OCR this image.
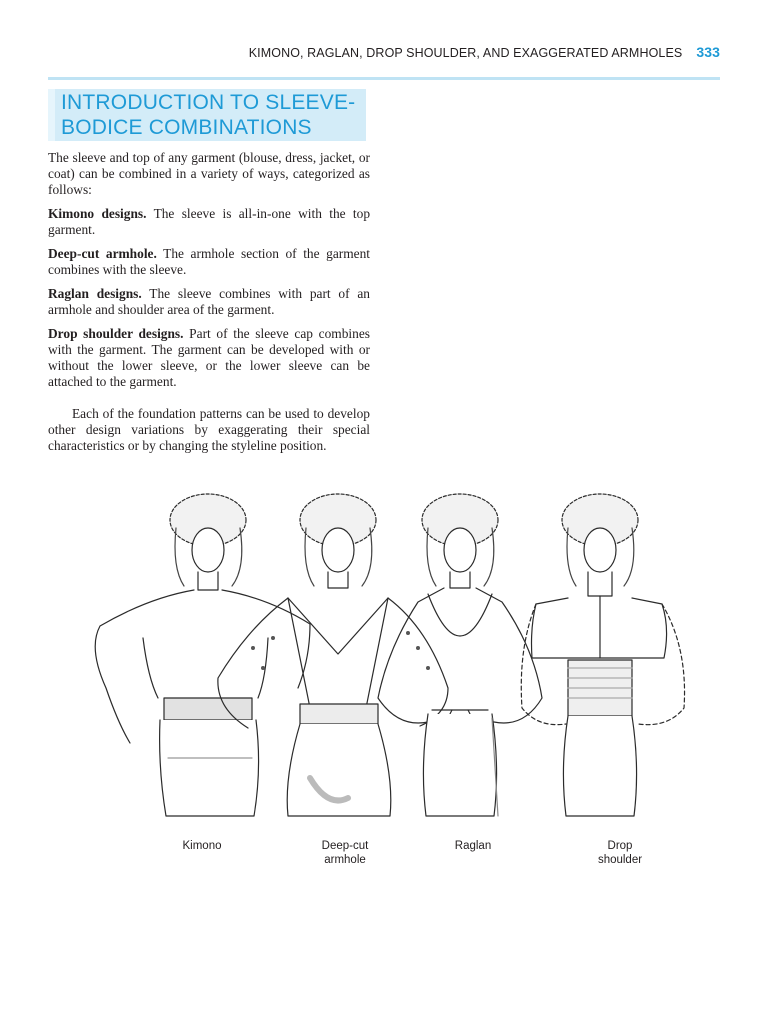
KIMONO, RAGLAN, DROP SHOULDER, AND EXAGGERATED ARMHOLES 333
INTRODUCTION TO SLEEVE-BODICE COMBINATIONS

The sleeve and top of any garment (blouse, dress, jacket, or coat) can be combined in a variety of ways, categorized as follows:

Kimono designs. The sleeve is all-in-one with the top garment.

Deep-cut armhole. The armhole section of the garment combines with the sleeve.

Raglan designs. The sleeve combines with part of an armhole and shoulder area of the garment.

Drop shoulder designs. Part of the sleeve cap combines with the garment. The garment can be developed with or without the lower sleeve, or the lower sleeve can be attached to the garment.

Each of the foundation patterns can be used to develop other design variations by exaggerating their special characteristics or by changing the styleline position.

Kimono	Deep-cut
armhole
Raglan	Drop
shoulder
